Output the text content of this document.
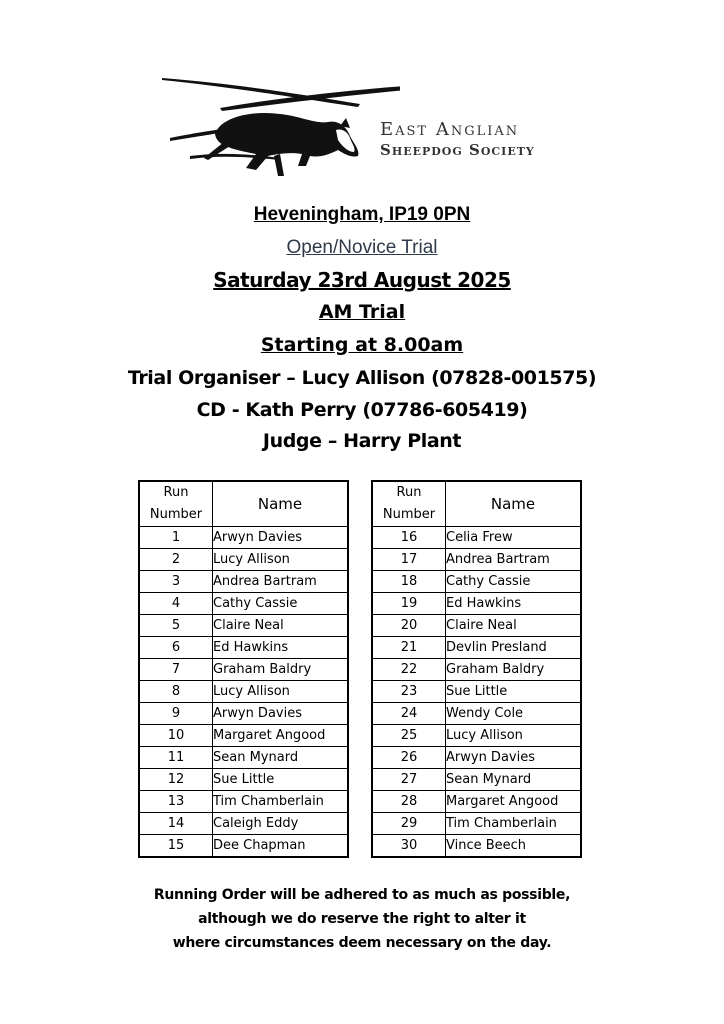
East Anglian
Sheepdog Society
Heveningham, IP19 0PN
Open/Novice Trial
Saturday 23rd August 2025
AM Trial
Starting at 8.00am
Trial Organiser – Lucy Allison (07828-001575)
CD - Kath Perry (07786-605419)
Judge – Harry Plant
Run
Number	Name
1	Arwyn Davies
2	Lucy Allison
3	Andrea Bartram
4	Cathy Cassie
5	Claire Neal
6	Ed Hawkins
7	Graham Baldry
8	Lucy Allison
9	Arwyn Davies
10	Margaret Angood
11	Sean Mynard
12	Sue Little
13	Tim Chamberlain
14	Caleigh Eddy
15	Dee Chapman
Run
Number	Name
16	Celia Frew
17	Andrea Bartram
18	Cathy Cassie
19	Ed Hawkins
20	Claire Neal
21	Devlin Presland
22	Graham Baldry
23	Sue Little
24	Wendy Cole
25	Lucy Allison
26	Arwyn Davies
27	Sean Mynard
28	Margaret Angood
29	Tim Chamberlain
30	Vince Beech
Running Order will be adhered to as much as possible,
although we do reserve the right to alter it
where circumstances deem necessary on the day.
